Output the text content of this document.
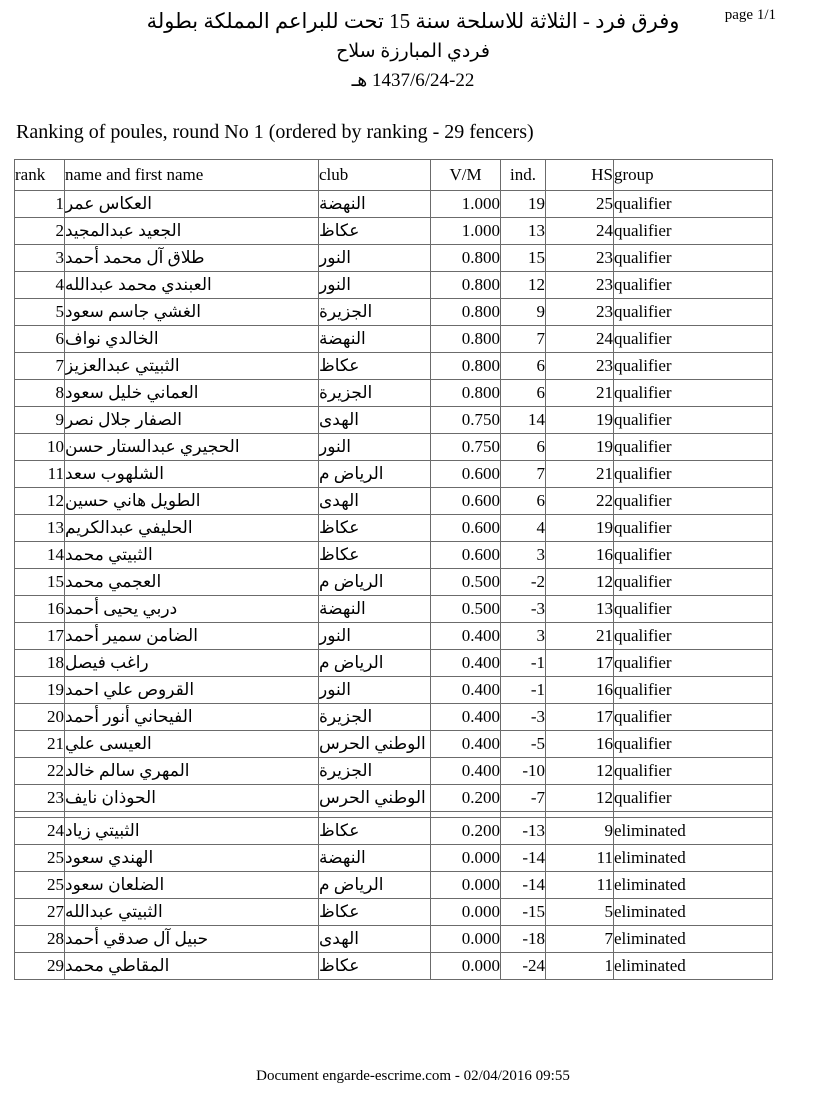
page 1/1
بطولة المملكة للبراعم تحت 15 سنة للاسلحة الثلاثة - فرد وفرق
سلاح المبارزة فردي
هـ 1437/6/24-22
Ranking of poules, round No 1 (ordered by ranking - 29 fencers)
rank	name and first name	club	V/M	ind.	HS	group
1	عمر العكاس	النهضة	1.000	19	25	qualifier
2	عبدالمجيد الجعيد	عكاظ	1.000	13	24	qualifier
3	أحمد محمد آل طلاق	النور	0.800	15	23	qualifier
4	عبدالله محمد العبندي	النور	0.800	12	23	qualifier
5	سعود جاسم الغشي	الجزيرة	0.800	9	23	qualifier
6	نواف الخالدي	النهضة	0.800	7	24	qualifier
7	عبدالعزيز الثبيتي	عكاظ	0.800	6	23	qualifier
8	سعود خليل العماني	الجزيرة	0.800	6	21	qualifier
9	نصر جلال الصفار	الهدى	0.750	14	19	qualifier
10	حسن عبدالستار الحجيري	النور	0.750	6	19	qualifier
11	سعد الشلهوب	م الرياض	0.600	7	21	qualifier
12	حسين هاني الطويل	الهدى	0.600	6	22	qualifier
13	عبدالكريم الحليفي	عكاظ	0.600	4	19	qualifier
14	محمد الثبيتي	عكاظ	0.600	3	16	qualifier
15	محمد العجمي	م الرياض	0.500	-2	12	qualifier
16	أحمد يحيى دربي	النهضة	0.500	-3	13	qualifier
17	أحمد سمير الضامن	النور	0.400	3	21	qualifier
18	فيصل راغب	م الرياض	0.400	-1	17	qualifier
19	احمد علي القروص	النور	0.400	-1	16	qualifier
20	أحمد أنور الفيحاني	الجزيرة	0.400	-3	17	qualifier
21	علي العيسى	الحرس الوطني	0.400	-5	16	qualifier
22	خالد سالم المهري	الجزيرة	0.400	-10	12	qualifier
23	نايف الحوذان	الحرس الوطني	0.200	-7	12	qualifier

24	زياد الثبيتي	عكاظ	0.200	-13	9	eliminated
25	سعود الهندي	النهضة	0.000	-14	11	eliminated
25	سعود الضلعان	م الرياض	0.000	-14	11	eliminated
27	عبدالله الثبيتي	عكاظ	0.000	-15	5	eliminated
28	أحمد صدقي آل حبيل	الهدى	0.000	-18	7	eliminated
29	محمد المقاطي	عكاظ	0.000	-24	1	eliminated
Document engarde-escrime.com - 02/04/2016 09:55
